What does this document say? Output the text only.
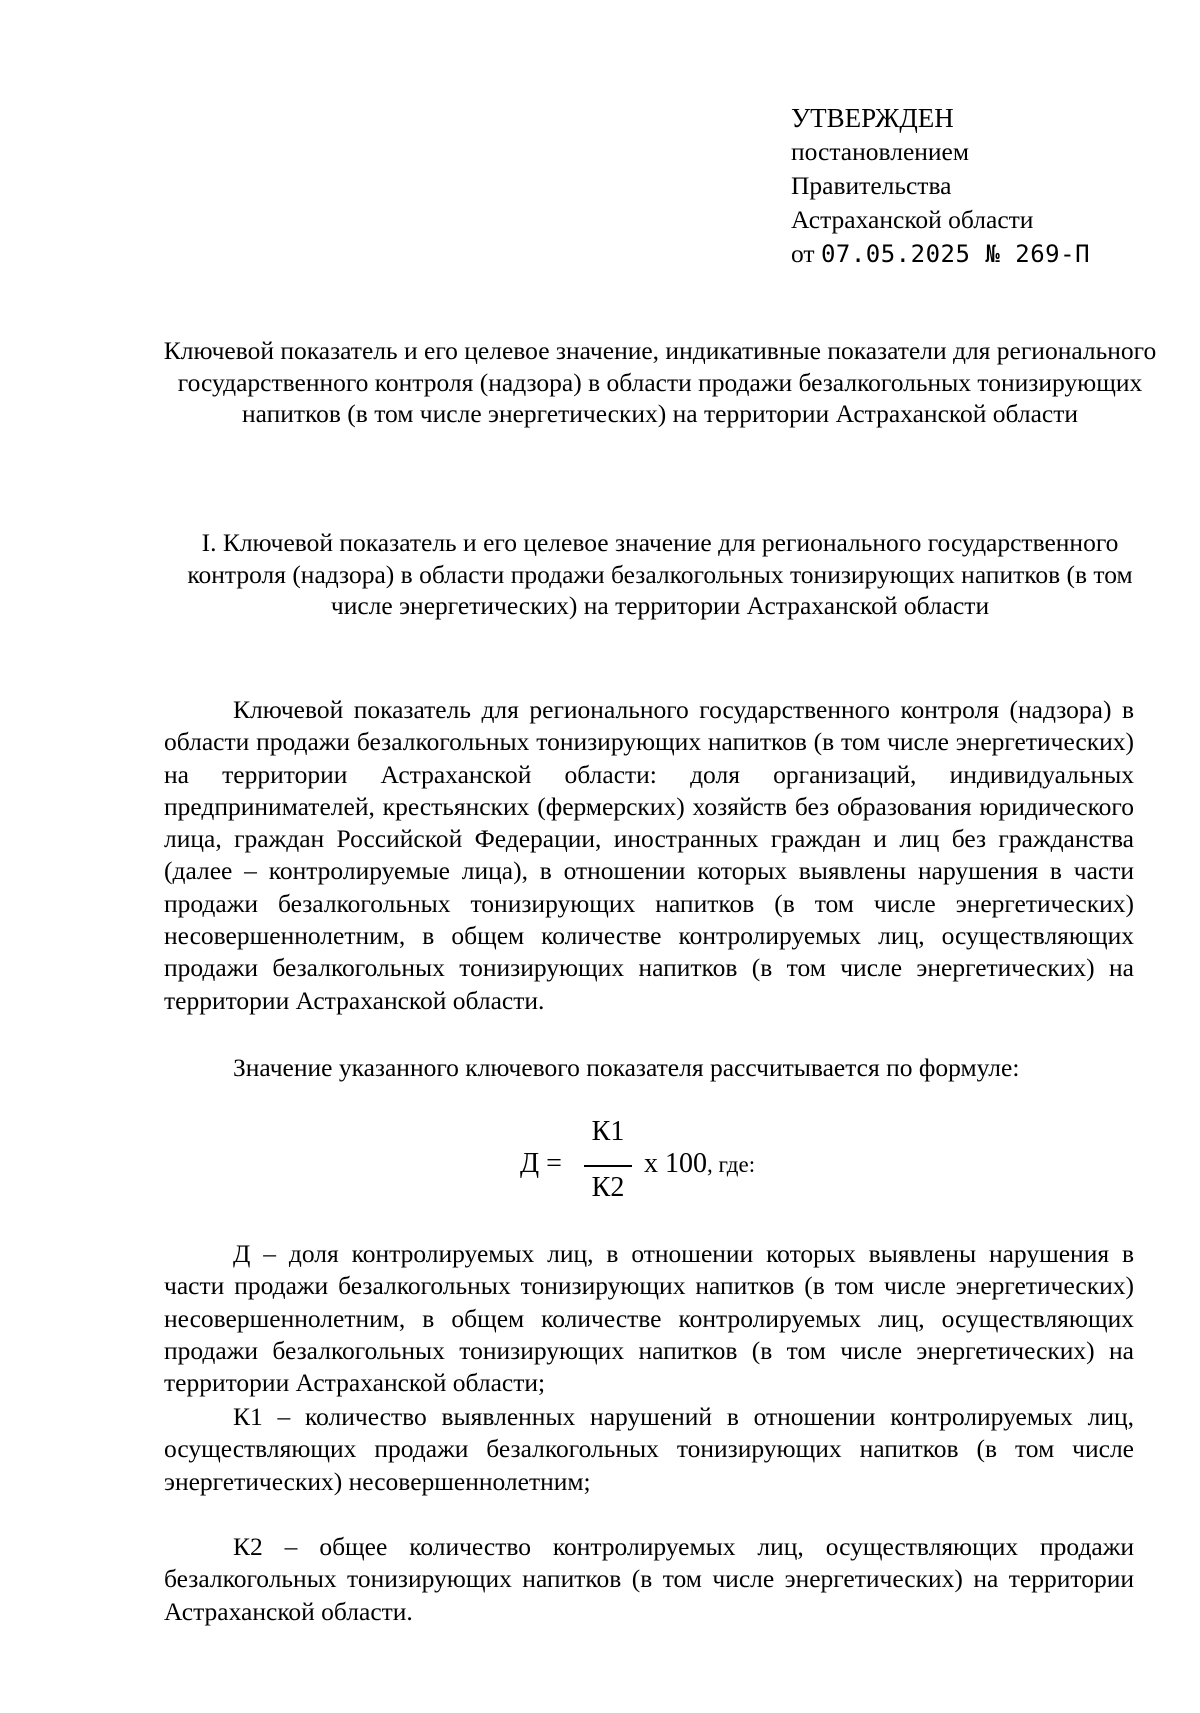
УТВЕРЖДЕН
постановлением
Правительства
Астраханской области
от 07.05.2025 № 269-П
Ключевой показатель и его целевое значение, индикативные показатели для регионального государственного контроля (надзора) в области продажи безалкогольных тонизирующих напитков (в том числе энергетических) на территории Астраханской области
I. Ключевой показатель и его целевое значение для регионального государственного контроля (надзора) в области продажи безалкогольных тонизирующих напитков (в том числе энергетических) на территории Астраханской области
Ключевой показатель для регионального государственного контроля (надзора) в области продажи безалкогольных тонизирующих напитков (в том числе энергетических) на территории Астраханской области: доля организаций, индивидуальных предпринимателей, крестьянских (фермерских) хозяйств без образования юридического лица, граждан Российской Федерации, иностранных граждан и лиц без гражданства (далее – контролируемые лица), в отношении которых выявлены нарушения в части продажи безалкогольных тонизирующих напитков (в том числе энергетических) несовершеннолетним, в общем количестве контролируемых лиц, осуществляющих продажи безалкогольных тонизирующих напитков (в том числе энергетических) на территории Астраханской области.
Значение указанного ключевого показателя рассчитывается по формуле:
Д =
К1
К2
х 100, где:
Д – доля контролируемых лиц, в отношении которых выявлены нарушения в части продажи безалкогольных тонизирующих напитков (в том числе энергетических) несовершеннолетним, в общем количестве контролируемых лиц, осуществляющих продажи безалкогольных тонизирующих напитков (в том числе энергетических) на территории Астраханской области;
К1 – количество выявленных нарушений в отношении контролируемых лиц, осуществляющих продажи безалкогольных тонизирующих напитков (в том числе энергетических) несовершеннолетним;
К2 – общее количество контролируемых лиц, осуществляющих продажи безалкогольных тонизирующих напитков (в том числе энергетических) на территории Астраханской области.
